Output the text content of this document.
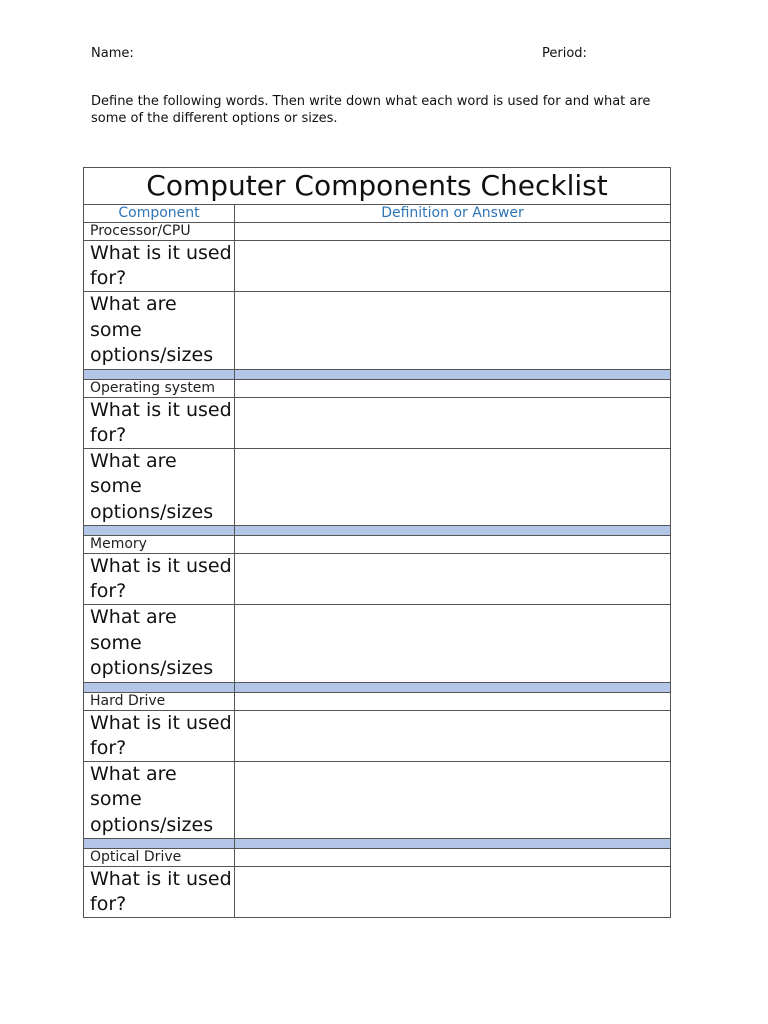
Name:	Period:
Define the following words. Then write down what each word is used for and what are some of the different options or sizes.
Computer Components Checklist	
Component	Definition or Answer
Processor/CPU	
What is it used for?	
What are some options/sizes	

Operating system	
What is it used for?	
What are some options/sizes	

Memory	
What is it used for?	
What are some options/sizes	

Hard Drive	
What is it used for?	
What are some options/sizes	

Optical Drive	
What is it used for?	
